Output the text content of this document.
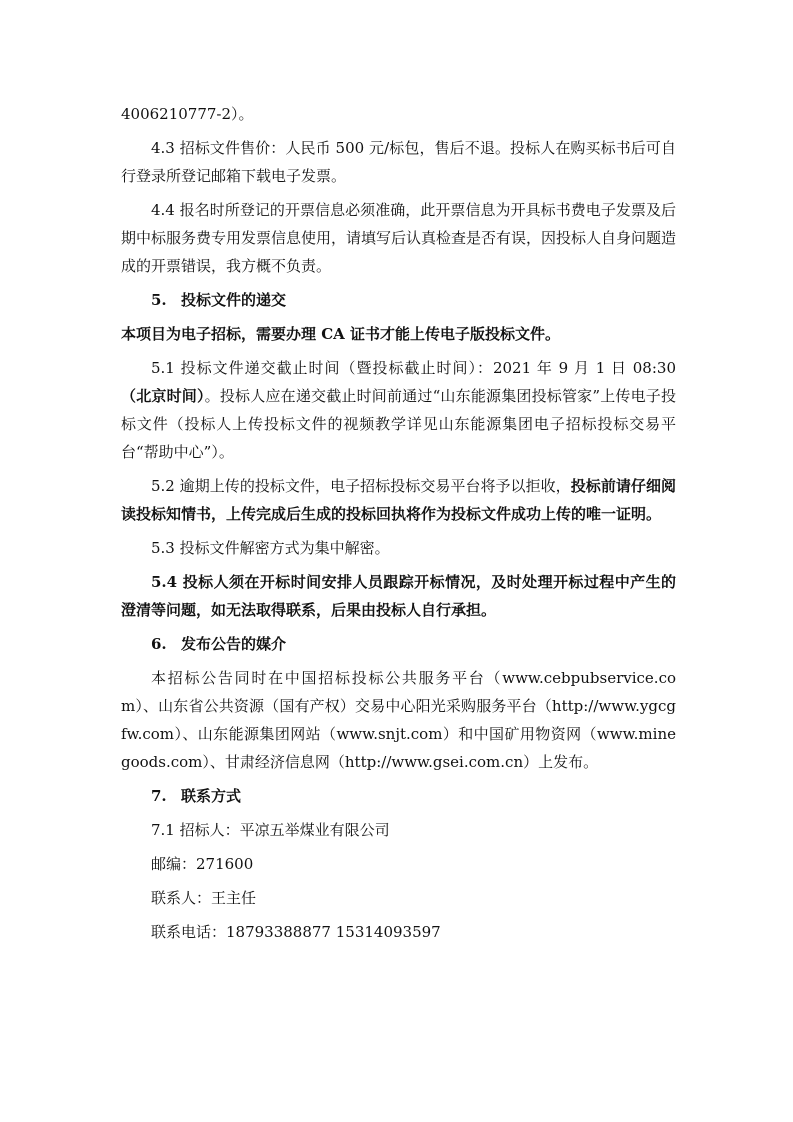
4006210777-2）。

4.3 招标文件售价：人民币 500 元/标包，售后不退。投标人在购买标书后可自行登录所登记邮箱下载电子发票。

4.4 报名时所登记的开票信息必须准确，此开票信息为开具标书费电子发票及后期中标服务费专用发票信息使用，请填写后认真检查是否有误，因投标人自身问题造成的开票错误，我方概不负责。

5. 投标文件的递交

本项目为电子招标，需要办理 CA 证书才能上传电子版投标文件。

5.1 投标文件递交截止时间（暨投标截止时间）：2021 年 9 月 1 日 08:30（北京时间）。投标人应在递交截止时间前通过“山东能源集团投标管家”上传电子投标文件（投标人上传投标文件的视频教学详见山东能源集团电子招标投标交易平台“帮助中心”）。

5.2 逾期上传的投标文件，电子招标投标交易平台将予以拒收，投标前请仔细阅读投标知情书，上传完成后生成的投标回执将作为投标文件成功上传的唯一证明。

5.3 投标文件解密方式为集中解密。

5.4 投标人须在开标时间安排人员跟踪开标情况，及时处理开标过程中产生的澄清等问题，如无法取得联系，后果由投标人自行承担。

6. 发布公告的媒介

本招标公告同时在中国招标投标公共服务平台（www.cebpubservice.com）、山东省公共资源（国有产权）交易中心阳光采购服务平台（http://www.ygcgfw.com）、山东能源集团网站（www.snjt.com）和中国矿用物资网（www.minegoods.com）、甘肃经济信息网（http://www.gsei.com.cn）上发布。

7. 联系方式

7.1 招标人：平凉五举煤业有限公司

邮编：271600

联系人：王主任

联系电话：18793388877 15314093597
